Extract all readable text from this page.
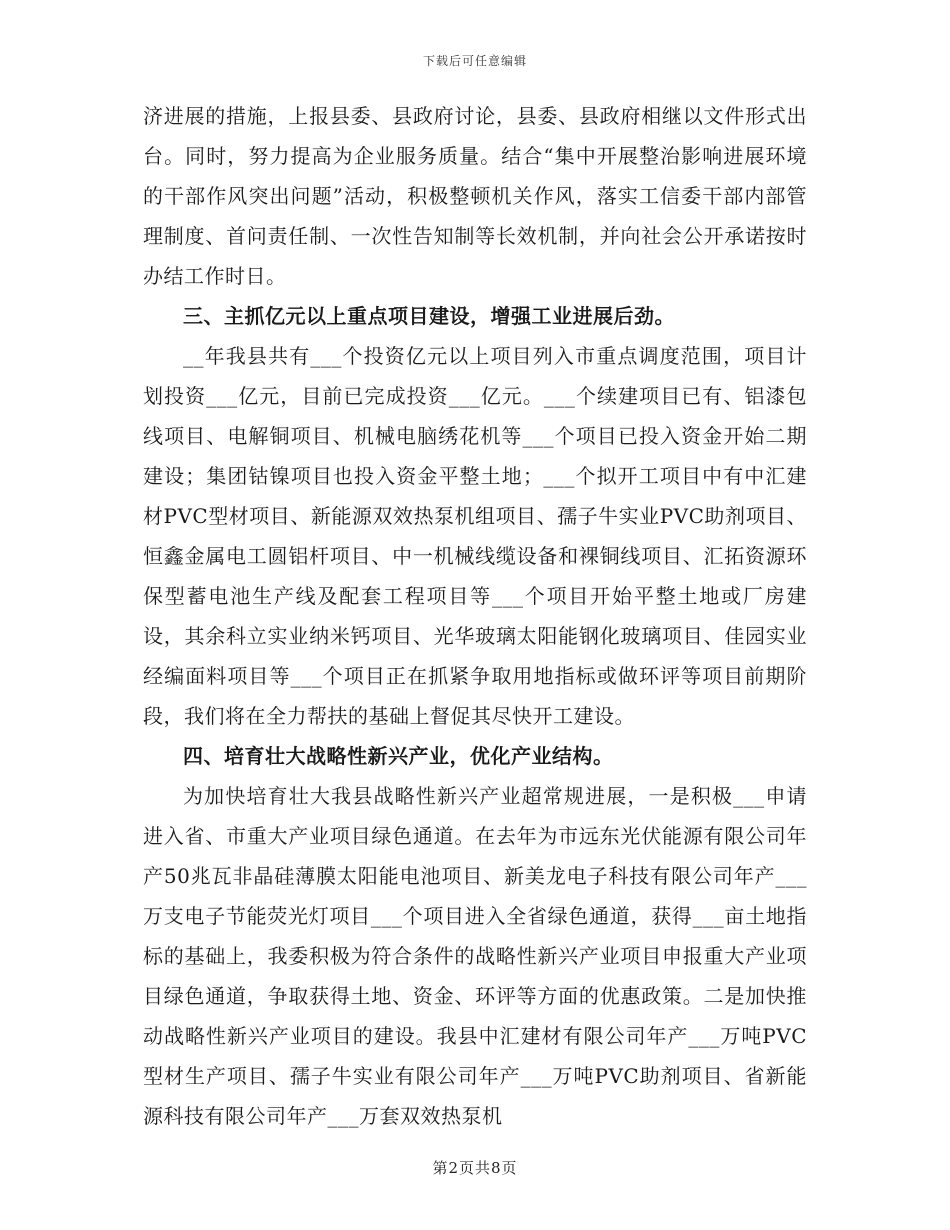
下载后可任意编辑

济进展的措施，上报县委、县政府讨论，县委、县政府相继以文件形式出台。同时，努力提高为企业服务质量。结合“集中开展整治影响进展环境的干部作风突出问题”活动，积极整顿机关作风，落实工信委干部内部管理制度、首问责任制、一次性告知制等长效机制，并向社会公开承诺按时办结工作时日。

三、主抓亿元以上重点项目建设，增强工业进展后劲。

__年我县共有___个投资亿元以上项目列入市重点调度范围，项目计划投资___亿元，目前已完成投资___亿元。___个续建项目已有、铝漆包线项目、电解铜项目、机械电脑绣花机等___个项目已投入资金开始二期建设；集团钴镍项目也投入资金平整土地；___个拟开工项目中有中汇建材PVC型材项目、新能源双效热泵机组项目、孺子牛实业PVC助剂项目、恒鑫金属电工圆铝杆项目、中一机械线缆设备和裸铜线项目、汇拓资源环保型蓄电池生产线及配套工程项目等___个项目开始平整土地或厂房建设，其余科立实业纳米钙项目、光华玻璃太阳能钢化玻璃项目、佳园实业经编面料项目等___个项目正在抓紧争取用地指标或做环评等项目前期阶段，我们将在全力帮扶的基础上督促其尽快开工建设。

四、培育壮大战略性新兴产业，优化产业结构。

为加快培育壮大我县战略性新兴产业超常规进展，一是积极___申请进入省、市重大产业项目绿色通道。在去年为市远东光伏能源有限公司年产50兆瓦非晶硅薄膜太阳能电池项目、新美龙电子科技有限公司年产___万支电子节能荧光灯项目___个项目进入全省绿色通道，获得___亩土地指标的基础上，我委积极为符合条件的战略性新兴产业项目申报重大产业项目绿色通道，争取获得土地、资金、环评等方面的优惠政策。二是加快推动战略性新兴产业项目的建设。我县中汇建材有限公司年产___万吨PVC型材生产项目、孺子牛实业有限公司年产___万吨PVC助剂项目、省新能源科技有限公司年产___万套双效热泵机

第2页共8页
